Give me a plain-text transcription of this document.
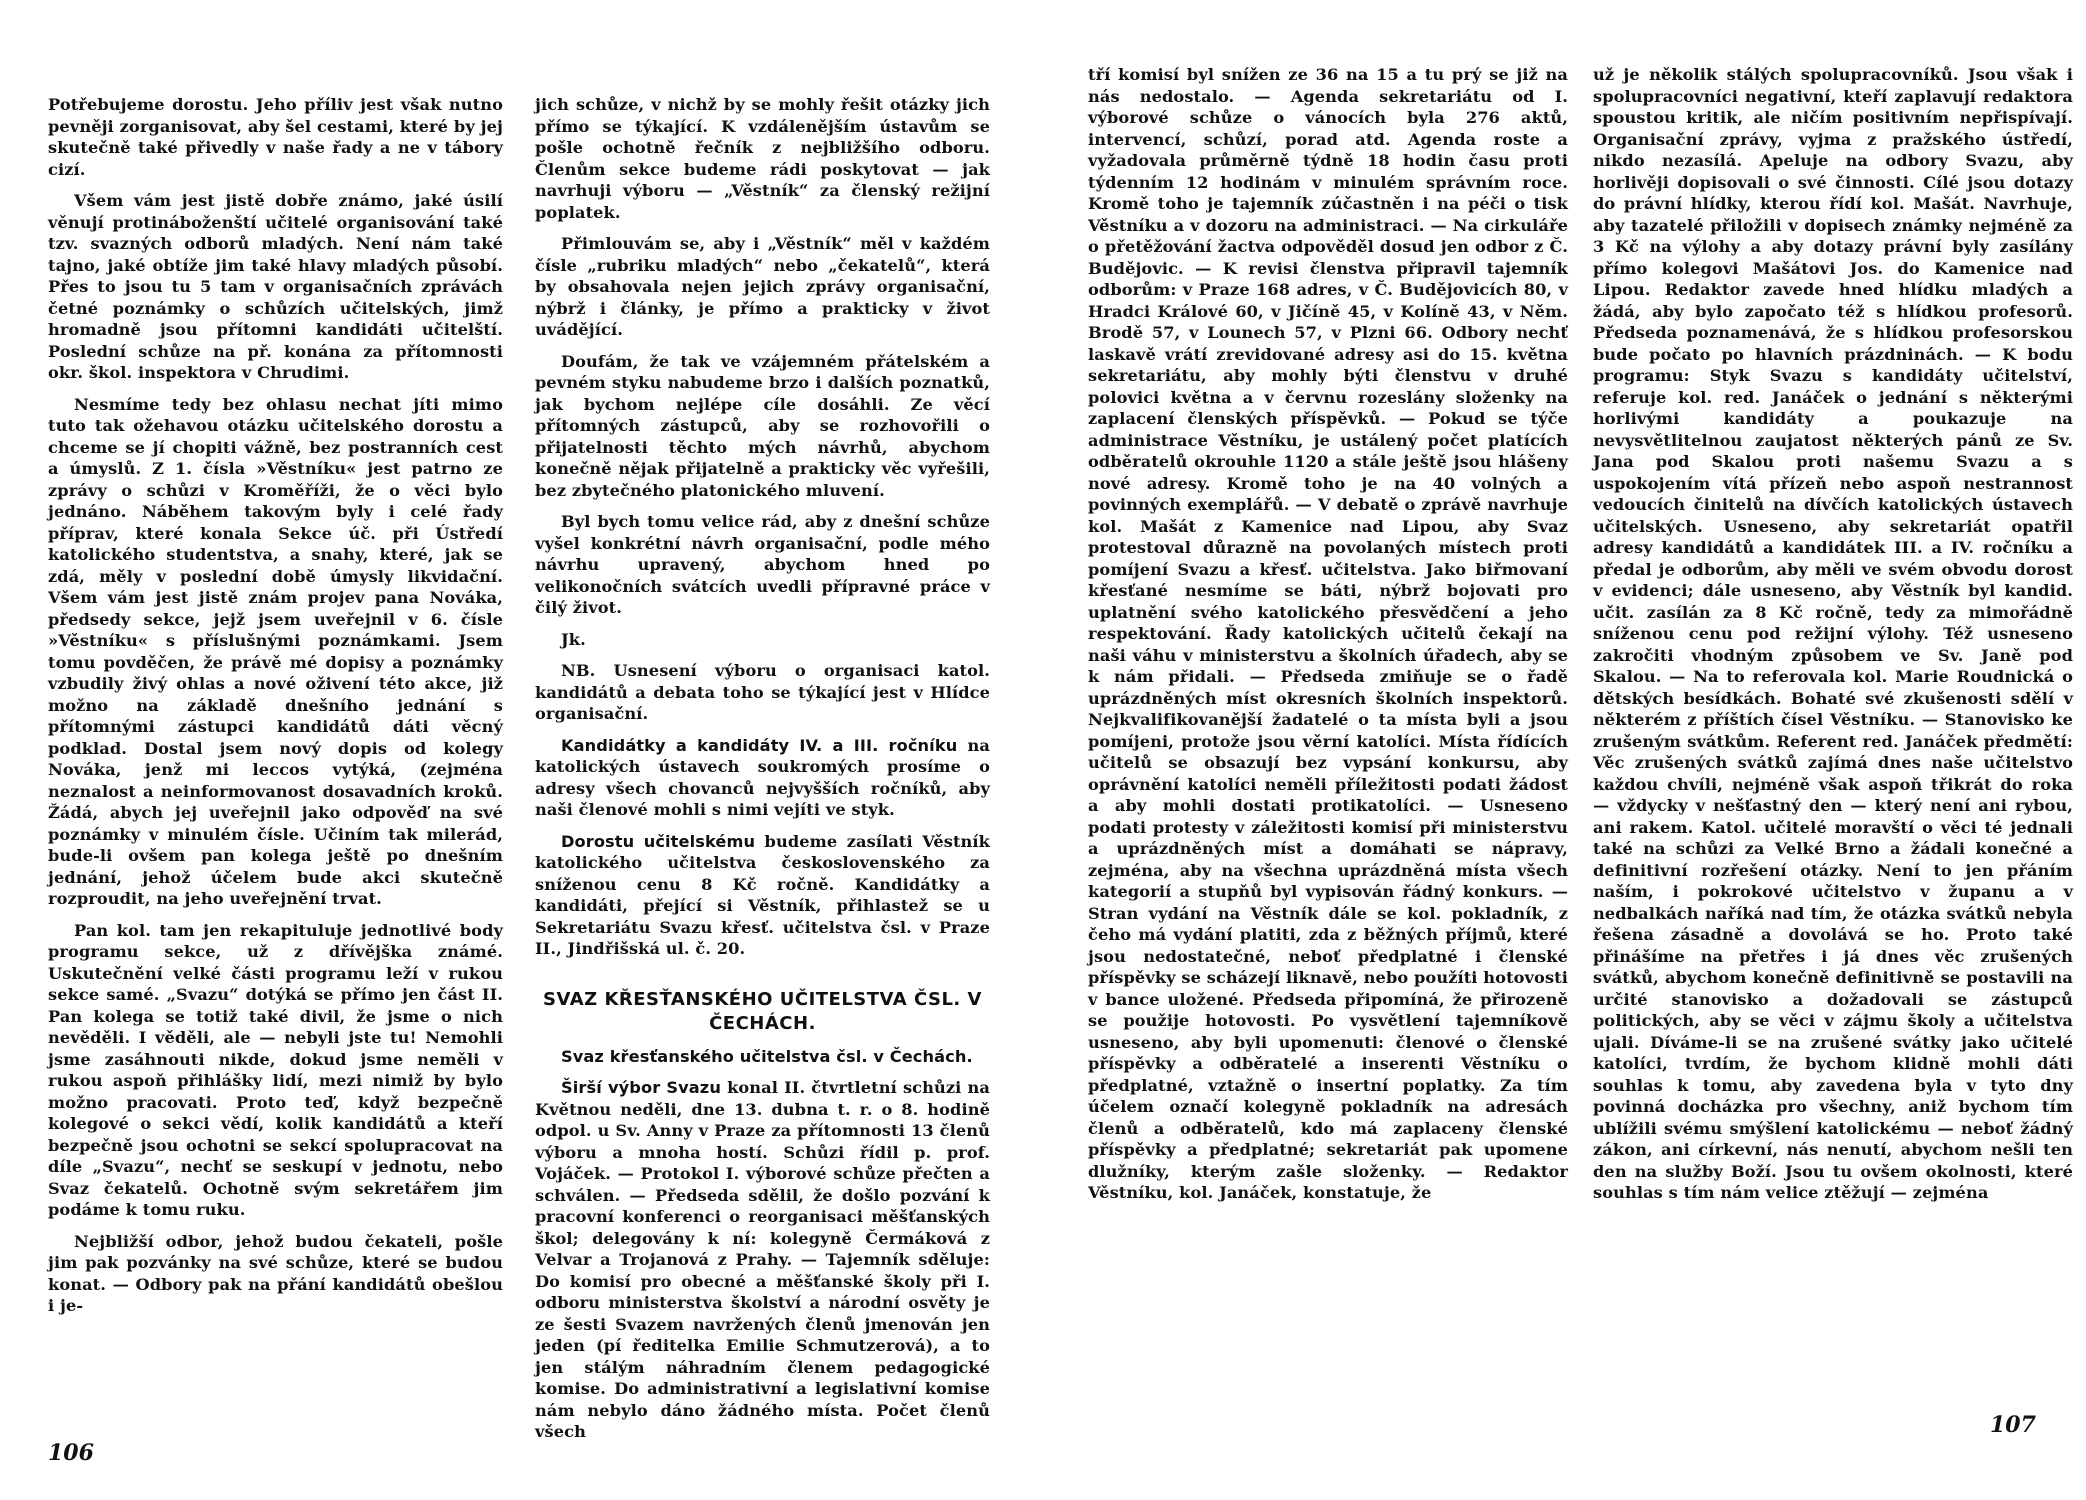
Potřebujeme dorostu. Jeho příliv jest však nutno pevněji zorganisovat, aby šel cestami, které by jej skutečně také přivedly v naše řady a ne v tábory cizí.

Všem vám jest jistě dobře známo, jaké úsilí věnují protináboženští učitelé organisování také tzv. svazných odborů mladých. Není nám také tajno, jaké obtíže jim také hlavy mladých působí. Přes to jsou tu 5 tam v organisačních zprávách četné poznámky o schůzích učitelských, jimž hromadně jsou přítomni kandidáti učitelští. Poslední schůze na př. konána za přítomnosti okr. škol. inspektora v Chrudimi.

Nesmíme tedy bez ohlasu nechat jíti mimo tuto tak ožehavou otázku učitelského dorostu a chceme se jí chopiti vážně, bez postranních cest a úmyslů. Z 1. čísla »Věstníku« jest patrno ze zprávy o schůzi v Kroměříži, že o věci bylo jednáno. Náběhem takovým byly i celé řady příprav, které konala Sekce úč. při Ústředí katolického studentstva, a snahy, které, jak se zdá, měly v poslední době úmysly likvidační. Všem vám jest jistě znám projev pana Nováka, předsedy sekce, jejž jsem uveřejnil v 6. čísle »Věstníku« s příslušnými poznámkami. Jsem tomu povděčen, že právě mé dopisy a poznámky vzbudily živý ohlas a nové oživení této akce, již možno na základě dnešního jednání s přítomnými zástupci kandidátů dáti věcný podklad. Dostal jsem nový dopis od kolegy Nováka, jenž mi leccos vytýká, (zejména neznalost a neinformovanost dosavadních kroků. Žádá, abych jej uveřejnil jako odpověď na své poznámky v minulém čísle. Učiním tak milerád, bude-li ovšem pan kolega ještě po dnešním jednání, jehož účelem bude akci skutečně rozproudit, na jeho uveřejnění trvat.

Pan kol. tam jen rekapituluje jednotlivé body programu sekce, už z dřívějška známé. Uskutečnění velké části programu leží v rukou sekce samé. „Svazu“ dotýká se přímo jen část II. Pan kolega se totiž také divil, že jsme o nich nevěděli. I věděli, ale — nebyli jste tu! Nemohli jsme zasáhnouti nikde, dokud jsme neměli v rukou aspoň přihlášky lidí, mezi nimiž by bylo možno pracovati. Proto teď, když bezpečně kolegové o sekci vědí, kolik kandidátů a kteří bezpečně jsou ochotni se sekcí spolupracovat na díle „Svazu“, nechť se seskupí v jednotu, nebo Svaz čekatelů. Ochotně svým sekretářem jim podáme k tomu ruku.

Nejbližší odbor, jehož budou čekateli, pošle jim pak pozvánky na své schůze, které se budou konat. — Odbory pak na přání kandidátů obešlou i je-

jich schůze, v nichž by se mohly řešit otázky jich přímo se týkající. K vzdálenějším ústavům se pošle ochotně řečník z nejbližšího odboru. Členům sekce budeme rádi poskytovat — jak navrhuji výboru — „Věstník“ za členský režijní poplatek.

Přimlouvám se, aby i „Věstník“ měl v každém čísle „rubriku mladých“ nebo „čekatelů“, která by obsahovala nejen jejich zprávy organisační, nýbrž i články, je přímo a prakticky v život uvádějící.

Doufám, že tak ve vzájemném přátelském a pevném styku nabudeme brzo i dalších poznatků, jak bychom nejlépe cíle dosáhli. Ze věcí přítomných zástupců, aby se rozhovořili o přijatelnosti těchto mých návrhů, abychom konečně nějak přijatelně a prakticky věc vyřešili, bez zbytečného platonického mluvení.

Byl bych tomu velice rád, aby z dnešní schůze vyšel konkrétní návrh organisační, podle mého návrhu upravený, abychom hned po velikonočních svátcích uvedli přípravné práce v čilý život.

Jk.

NB. Usnesení výboru o organisaci katol. kandidátů a debata toho se týkající jest v Hlídce organisační.

Kandidátky a kandidáty IV. a III. ročníku na katolických ústavech soukromých prosíme o adresy všech chovanců nejvyšších ročníků, aby naši členové mohli s nimi vejíti ve styk.

Dorostu učitelskému budeme zasílati Věstník katolického učitelstva československého za sníženou cenu 8 Kč ročně. Kandidátky a kandidáti, přející si Věstník, přihlastež se u Sekretariátu Svazu křesť. učitelstva čsl. v Praze II., Jindřišská ul. č. 20.

SVAZ KŘESŤANSKÉHO UČITELSTVA ČSL. V ČECHÁCH.

Svaz křesťanského učitelstva čsl. v Čechách.

Širší výbor Svazu konal II. čtvrtletní schůzi na Květnou neděli, dne 13. dubna t. r. o 8. hodině odpol. u Sv. Anny v Praze za přítomnosti 13 členů výboru a mnoha hostí. Schůzi řídil p. prof. Vojáček. — Protokol I. výborové schůze přečten a schválen. — Předseda sdělil, že došlo pozvání k pracovní konferenci o reorganisaci měšťanských škol; delegovány k ní: kolegyně Čermáková z Velvar a Trojanová z Prahy. — Tajemník sděluje: Do komisí pro obecné a měšťanské školy při I. odboru ministerstva školství a národní osvěty je ze šesti Svazem navržených členů jmenován jen jeden (pí ředitelka Emilie Schmutzerová), a to jen stálým náhradním členem pedagogické komise. Do administrativní a legislativní komise nám nebylo dáno žádného místa. Počet členů všech

106

tří komisí byl snížen ze 36 na 15 a tu prý se již na nás nedostalo. — Agenda sekretariátu od I. výborové schůze o vánocích byla 276 aktů, intervencí, schůzí, porad atd. Agenda roste a vyžadovala průměrně týdně 18 hodin času proti týdenním 12 hodinám v minulém správním roce. Kromě toho je tajemník zúčastněn i na péči o tisk Věstníku a v dozoru na administraci. — Na cirkuláře o přetěžování žactva odpověděl dosud jen odbor z Č. Budějovic. — K revisi členstva připravil tajemník odborům: v Praze 168 adres, v Č. Budějovicích 80, v Hradci Králové 60, v Jičíně 45, v Kolíně 43, v Něm. Brodě 57, v Lounech 57, v Plzni 66. Odbory nechť laskavě vrátí zrevidované adresy asi do 15. května sekretariátu, aby mohly býti členstvu v druhé polovici května a v červnu rozeslány složenky na zaplacení členských příspěvků. — Pokud se týče administrace Věstníku, je ustálený počet platících odběratelů okrouhle 1120 a stále ještě jsou hlášeny nové adresy. Kromě toho je na 40 volných a povinných exemplářů. — V debatě o zprávě navrhuje kol. Mašát z Kamenice nad Lipou, aby Svaz protestoval důrazně na povolaných místech proti pomíjení Svazu a křesť. učitelstva. Jako biřmovaní křesťané nesmíme se báti, nýbrž bojovati pro uplatnění svého katolického přesvědčení a jeho respektování. Řady katolických učitelů čekají na naši váhu v ministerstvu a školních úřadech, aby se k nám přidali. — Předseda zmiňuje se o řadě uprázdněných míst okresních školních inspektorů. Nejkvalifikovanější žadatelé o ta místa byli a jsou pomíjeni, protože jsou věrní katolíci. Místa řídících učitelů se obsazují bez vypsání konkursu, aby oprávnění katolíci neměli příležitosti podati žádost a aby mohli dostati protikatolíci. — Usneseno podati protesty v záležitosti komisí při ministerstvu a uprázdněných míst a domáhati se nápravy, zejména, aby na všechna uprázdněná místa všech kategorií a stupňů byl vypisován řádný konkurs. — Stran vydání na Věstník dále se kol. pokladník, z čeho má vydání platiti, zda z běžných příjmů, které jsou nedostatečné, neboť předplatné i členské příspěvky se scházejí liknavě, nebo použíti hotovosti v bance uložené. Předseda připomíná, že přirozeně se použije hotovosti. Po vysvětlení tajemníkově usneseno, aby byli upomenuti: členové o členské příspěvky a odběratelé a inserenti Věstníku o předplatné, vztažně o insertní poplatky. Za tím účelem označí kolegyně pokladník na adresách členů a odběratelů, kdo má zaplaceny členské příspěvky a předplatné; sekretariát pak upomene dlužníky, kterým zašle složenky. — Redaktor Věstníku, kol. Janáček, konstatuje, že

už je několik stálých spolupracovníků. Jsou však i spolupracovníci negativní, kteří zaplavují redaktora spoustou kritik, ale ničím positivním nepřispívají. Organisační zprávy, vyjma z pražského ústředí, nikdo nezasílá. Apeluje na odbory Svazu, aby horlivěji dopisovali o své činnosti. Cílé jsou dotazy do právní hlídky, kterou řídí kol. Mašát. Navrhuje, aby tazatelé přiložili v dopisech známky nejméně za 3 Kč na výlohy a aby dotazy právní byly zasílány přímo kolegovi Mašátovi Jos. do Kamenice nad Lipou. Redaktor zavede hned hlídku mladých a žádá, aby bylo započato též s hlídkou profesorů. Předseda poznamenává, že s hlídkou profesorskou bude počato po hlavních prázdninách. — K bodu programu: Styk Svazu s kandidáty učitelství, referuje kol. red. Janáček o jednání s některými horlivými kandidáty a poukazuje na nevysvětlitelnou zaujatost některých pánů ze Sv. Jana pod Skalou proti našemu Svazu a s uspokojením vítá přízeň nebo aspoň nestrannost vedoucích činitelů na dívčích katolických ústavech učitelských. Usneseno, aby sekretariát opatřil adresy kandidátů a kandidátek III. a IV. ročníku a předal je odborům, aby měli ve svém obvodu dorost v evidenci; dále usneseno, aby Věstník byl kandid. učit. zasílán za 8 Kč ročně, tedy za mimořádně sníženou cenu pod režijní výlohy. Též usneseno zakročiti vhodným způsobem ve Sv. Janě pod Skalou. — Na to referovala kol. Marie Roudnická o dětských besídkách. Bohaté své zkušenosti sdělí v některém z příštích čísel Věstníku. — Stanovisko ke zrušeným svátkům. Referent red. Janáček předmětí: Věc zrušených svátků zajímá dnes naše učitelstvo každou chvíli, nejméně však aspoň třikrát do roka — vždycky v nešťastný den — který není ani rybou, ani rakem. Katol. učitelé moravští o věci té jednali také na schůzi za Velké Brno a žádali konečné a definitivní rozřešení otázky. Není to jen přáním naším, i pokrokové učitelstvo v županu a v nedbalkách naříká nad tím, že otázka svátků nebyla řešena zásadně a dovolává se ho. Proto také přinášíme na přetřes i já dnes věc zrušených svátků, abychom konečně definitivně se postavili na určité stanovisko a dožadovali se zástupců politických, aby se věci v zájmu školy a učitelstva ujali. Díváme-li se na zrušené svátky jako učitelé katolíci, tvrdím, že bychom klidně mohli dáti souhlas k tomu, aby zavedena byla v tyto dny povinná docházka pro všechny, aniž bychom tím ublížili svému smýšlení katolickému — neboť žádný zákon, ani církevní, nás nenutí, abychom nešli ten den na služby Boží. Jsou tu ovšem okolnosti, které souhlas s tím nám velice ztěžují — zejména

107
